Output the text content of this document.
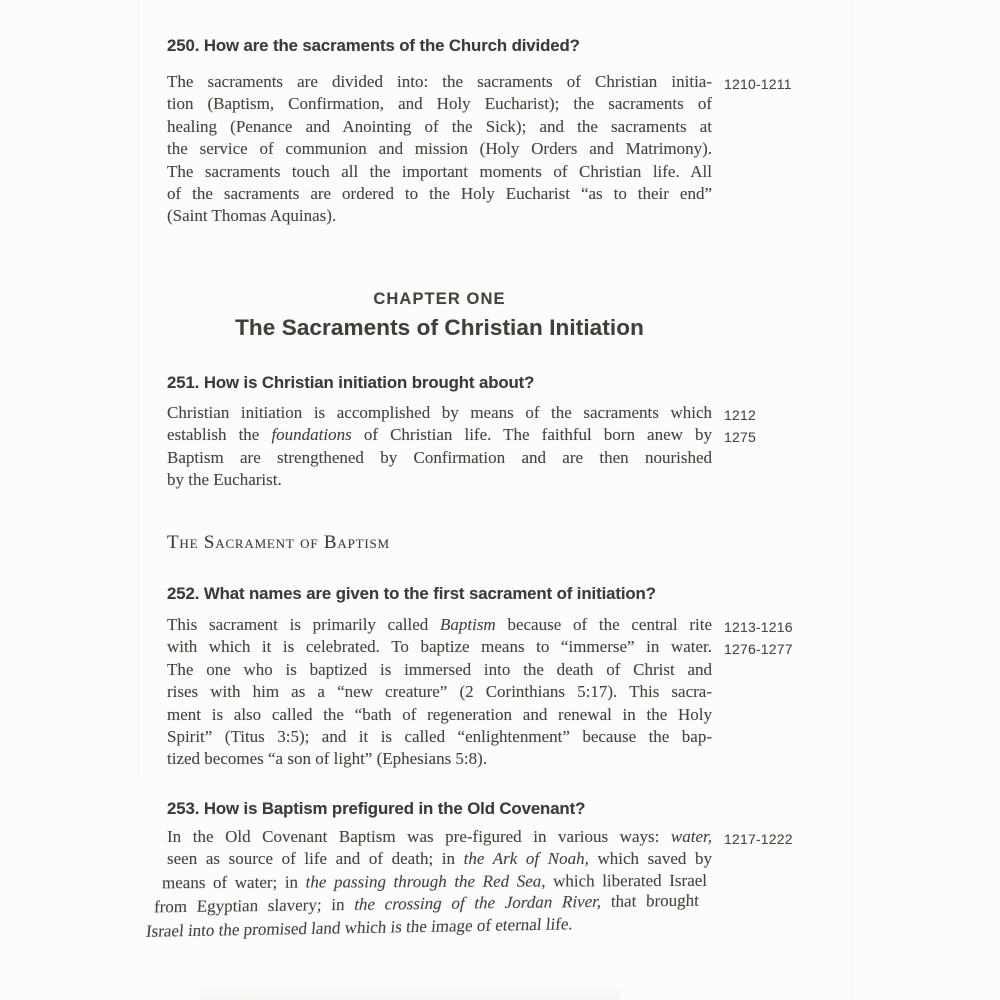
250. How are the sacraments of the Church divided?
The sacraments are divided into: the sacraments of Christian initia-
tion (Baptism, Confirmation, and Holy Eucharist); the sacraments of
healing (Penance and Anointing of the Sick); and the sacraments at
the service of communion and mission (Holy Orders and Matrimony).
The sacraments touch all the important moments of Christian life. All
of the sacraments are ordered to the Holy Eucharist “as to their end”
(Saint Thomas Aquinas).
1210-1211
CHAPTER ONE
The Sacraments of Christian Initiation
251. How is Christian initiation brought about?
Christian initiation is accomplished by means of the sacraments which
establish the foundations of Christian life. The faithful born anew by
Baptism are strengthened by Confirmation and are then nourished
by the Eucharist.
1212
1275
The Sacrament of Baptism
252. What names are given to the first sacrament of initiation?
This sacrament is primarily called Baptism because of the central rite
with which it is celebrated. To baptize means to “immerse” in water.
The one who is baptized is immersed into the death of Christ and
rises with him as a “new creature” (2 Corinthians 5:17). This sacra-
ment is also called the “bath of regeneration and renewal in the Holy
Spirit” (Titus 3:5); and it is called “enlightenment” because the bap-
tized becomes “a son of light” (Ephesians 5:8).
1213-1216
1276-1277
253. How is Baptism prefigured in the Old Covenant?
In the Old Covenant Baptism was pre-figured in various ways: water,
seen as source of life and of death; in the Ark of Noah, which saved by
means of water; in the passing through the Red Sea, which liberated Israel
from Egyptian slavery; in the crossing of the Jordan River, that brought
Israel into the promised land which is the image of eternal life.
1217-1222
